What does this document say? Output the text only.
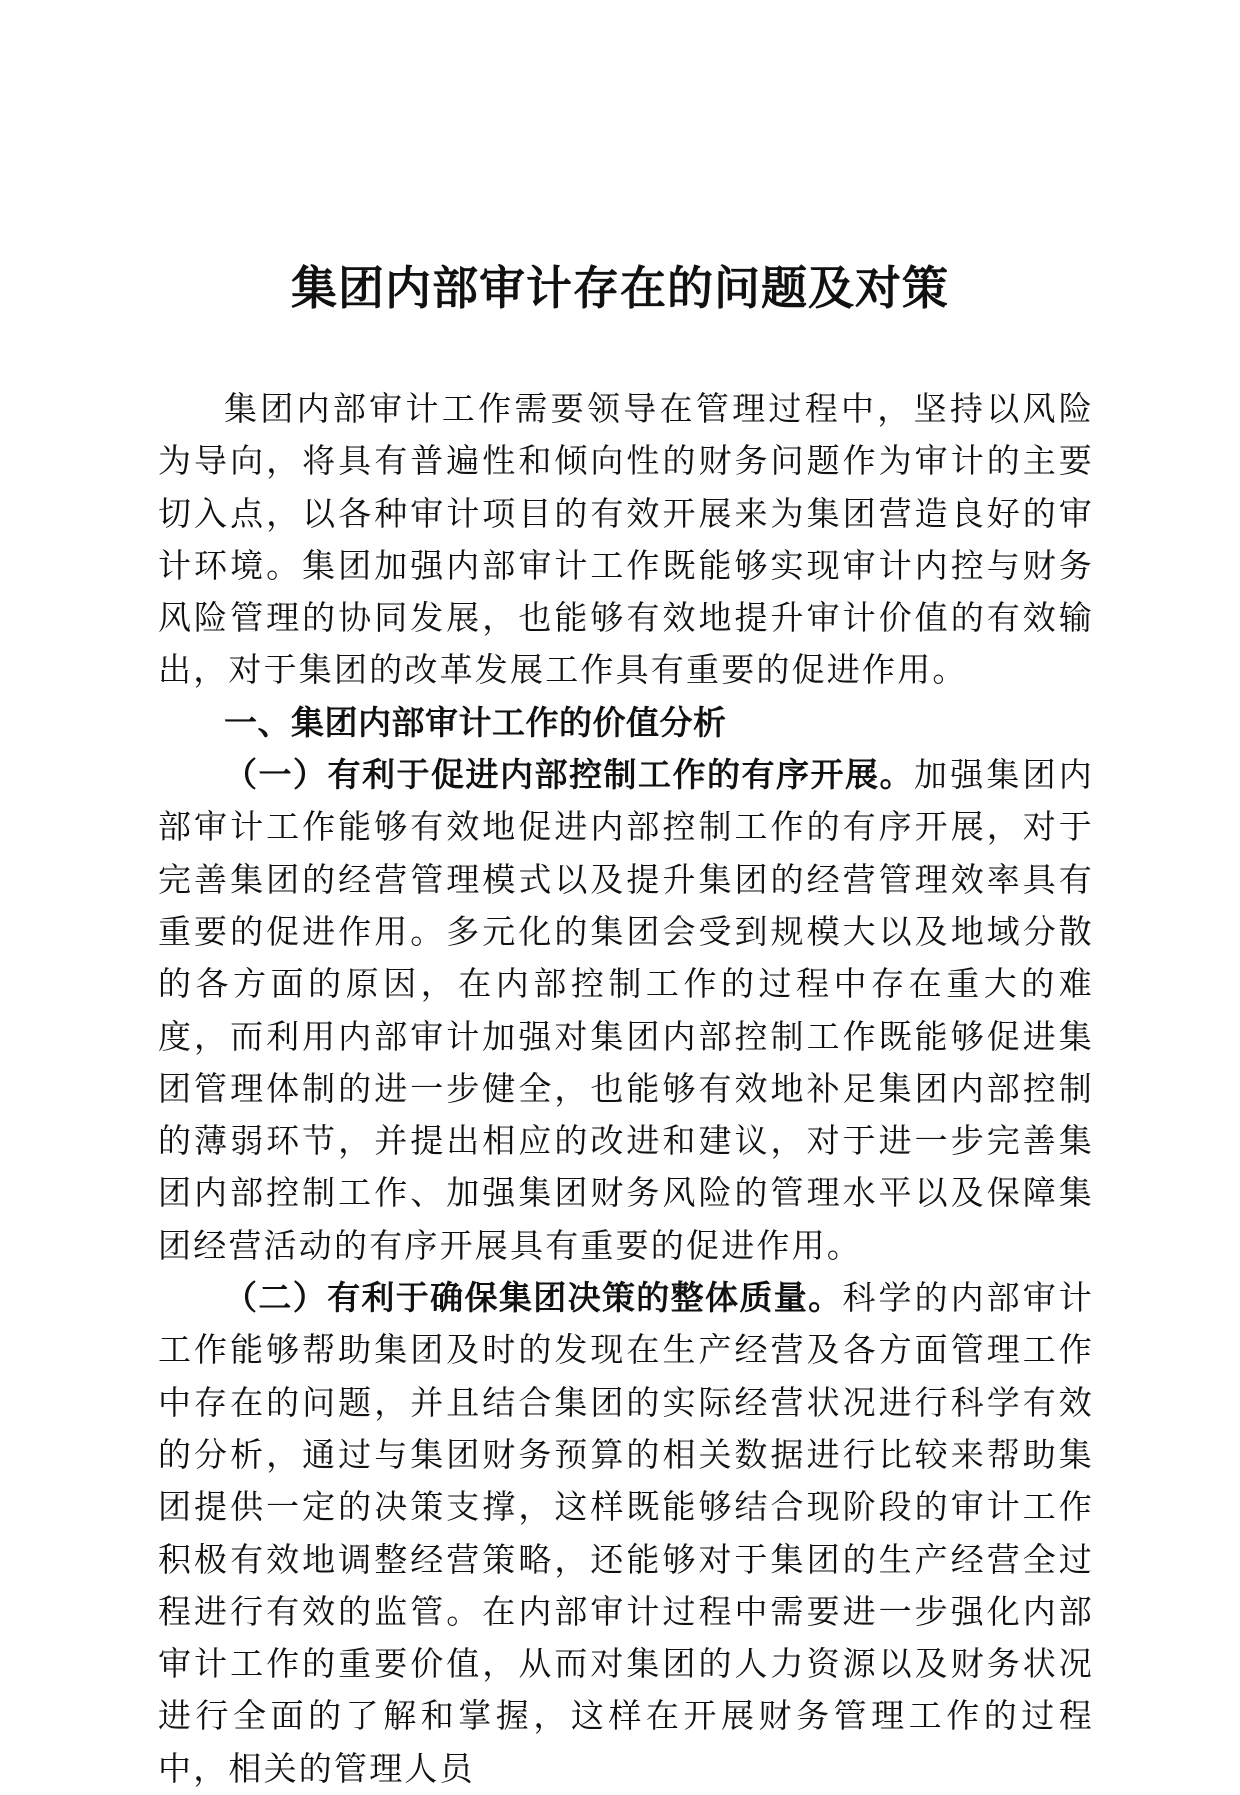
集团内部审计存在的问题及对策

集团内部审计工作需要领导在管理过程中，坚持以风险为导向，将具有普遍性和倾向性的财务问题作为审计的主要切入点，以各种审计项目的有效开展来为集团营造良好的审计环境。集团加强内部审计工作既能够实现审计内控与财务风险管理的协同发展，也能够有效地提升审计价值的有效输出，对于集团的改革发展工作具有重要的促进作用。

一、集团内部审计工作的价值分析

（一）有利于促进内部控制工作的有序开展。加强集团内部审计工作能够有效地促进内部控制工作的有序开展，对于完善集团的经营管理模式以及提升集团的经营管理效率具有重要的促进作用。多元化的集团会受到规模大以及地域分散的各方面的原因，在内部控制工作的过程中存在重大的难度，而利用内部审计加强对集团内部控制工作既能够促进集团管理体制的进一步健全，也能够有效地补足集团内部控制的薄弱环节，并提出相应的改进和建议，对于进一步完善集团内部控制工作、加强集团财务风险的管理水平以及保障集团经营活动的有序开展具有重要的促进作用。

（二）有利于确保集团决策的整体质量。科学的内部审计工作能够帮助集团及时的发现在生产经营及各方面管理工作中存在的问题，并且结合集团的实际经营状况进行科学有效的分析，通过与集团财务预算的相关数据进行比较来帮助集团提供一定的决策支撑，这样既能够结合现阶段的审计工作积极有效地调整经营策略，还能够对于集团的生产经营全过程进行有效的监管。在内部审计过程中需要进一步强化内部审计工作的重要价值，从而对集团的人力资源以及财务状况进行全面的了解和掌握，这样在开展财务管理工作的过程中，相关的管理人员
